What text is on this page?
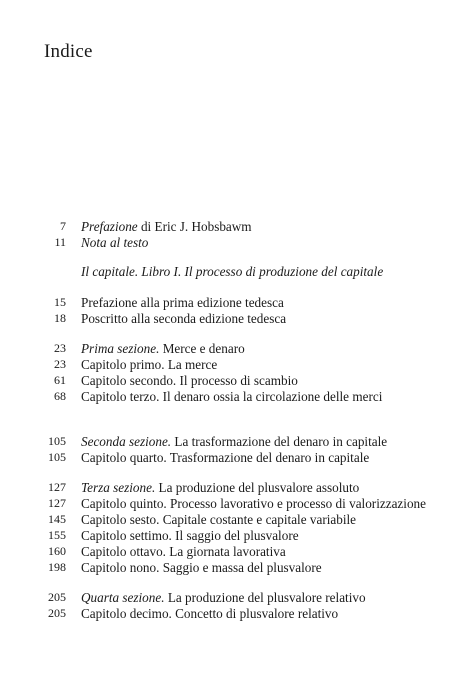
Indice
7 Prefazione di Eric J. Hobsbawm
11 Nota al testo
Il capitale. Libro I. Il processo di produzione del capitale
15 Prefazione alla prima edizione tedesca
18 Poscritto alla seconda edizione tedesca
23 Prima sezione. Merce e denaro
23 Capitolo primo. La merce
61 Capitolo secondo. Il processo di scambio
68 Capitolo terzo. Il denaro ossia la circolazione delle merci
105 Seconda sezione. La trasformazione del denaro in capitale
105 Capitolo quarto. Trasformazione del denaro in capitale
127 Terza sezione. La produzione del plusvalore assoluto
127 Capitolo quinto. Processo lavorativo e processo di valorizzazione
145 Capitolo sesto. Capitale costante e capitale variabile
155 Capitolo settimo. Il saggio del plusvalore
160 Capitolo ottavo. La giornata lavorativa
198 Capitolo nono. Saggio e massa del plusvalore
205 Quarta sezione. La produzione del plusvalore relativo
205 Capitolo decimo. Concetto di plusvalore relativo
